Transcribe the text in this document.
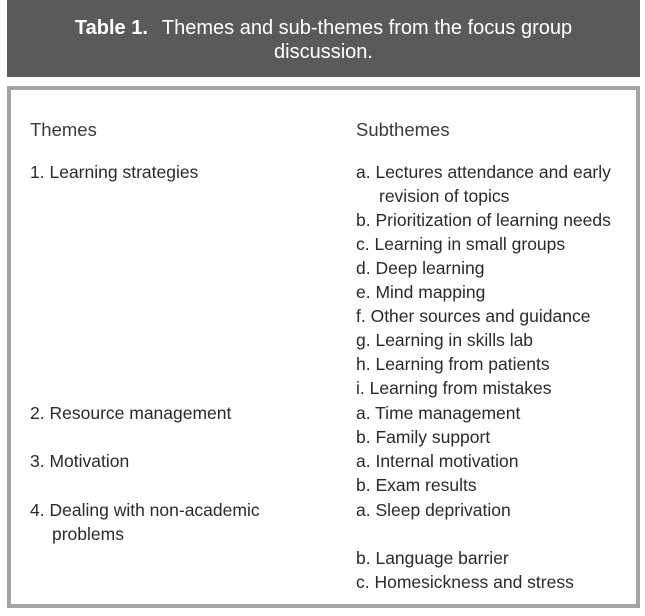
Table 1. Themes and sub-themes from the focus group
discussion.
Themes	Subthemes
1. Learning strategies
2. Resource management
3. Motivation
4. Dealing with non-academic
problems
a. Lectures attendance and early
revision of topics
b. Prioritization of learning needs
c. Learning in small groups
d. Deep learning
e. Mind mapping
f. Other sources and guidance
g. Learning in skills lab
h. Learning from patients
i. Learning from mistakes
a. Time management
b. Family support
a. Internal motivation
b. Exam results
a. Sleep deprivation
b. Language barrier
c. Homesickness and stress
